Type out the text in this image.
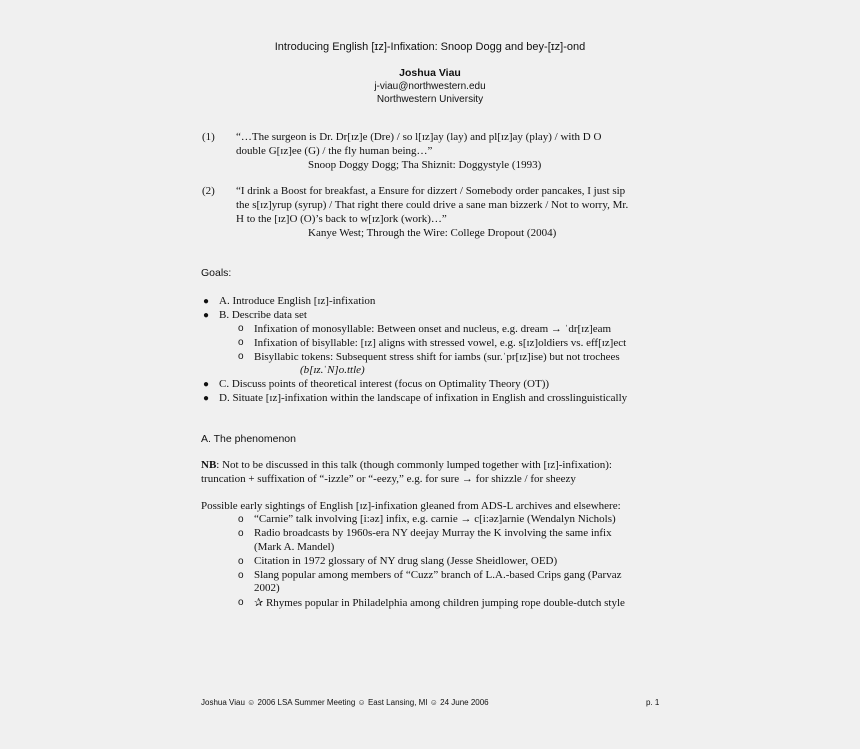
Introducing English [ɪz]-Infixation: Snoop Dogg and bey-[ɪz]-ond
Joshua Viau
j-viau@northwestern.edu
Northwestern University
(1) “…The surgeon is Dr. Dr[ɪz]e (Dre) / so l[ɪz]ay (lay) and pl[ɪz]ay (play) / with D O
double G[ɪz]ee (G) / the fly human being…”
Snoop Doggy Dogg; Tha Shiznit: Doggystyle (1993)
(2) “I drink a Boost for breakfast, a Ensure for dizzert / Somebody order pancakes, I just sip
the s[ɪz]yrup (syrup) / That right there could drive a sane man bizzerk / Not to worry, Mr.
H to the [ɪz]O (O)’s back to w[ɪz]ork (work)…”
Kanye West; Through the Wire: College Dropout (2004)
Goals:
● A. Introduce English [ɪz]-infixation
● B. Describe data set
o Infixation of monosyllable: Between onset and nucleus, e.g. dream → ˈdr[ɪz]eam
o Infixation of bisyllable: [ɪz] aligns with stressed vowel, e.g. s[ɪz]oldiers vs. eff[ɪz]ect
o Bisyllabic tokens: Subsequent stress shift for iambs (sur.ˈpr[ɪz]ise) but not trochees
(b[ɪz.ˈN]o.ttle)
● C. Discuss points of theoretical interest (focus on Optimality Theory (OT))
● D. Situate [ɪz]-infixation within the landscape of infixation in English and crosslinguistically
A. The phenomenon
NB: Not to be discussed in this talk (though commonly lumped together with [ɪz]-infixation):
truncation + suffixation of “-izzle” or “-eezy,” e.g. for sure → for shizzle / for sheezy
Possible early sightings of English [ɪz]-infixation gleaned from ADS-L archives and elsewhere:
o “Carnie” talk involving [i:ǝz] infix, e.g. carnie → c[i:ǝz]arnie (Wendalyn Nichols)
o Radio broadcasts by 1960s-era NY deejay Murray the K involving the same infix
(Mark A. Mandel)
o Citation in 1972 glossary of NY drug slang (Jesse Sheidlower, OED)
o Slang popular among members of “Cuzz” branch of L.A.-based Crips gang (Parvaz
2002)
o ✰ Rhymes popular in Philadelphia among children jumping rope double-dutch style
Joshua Viau ☺ 2006 LSA Summer Meeting ☺ East Lansing, MI ☺ 24 June 2006	p. 1
